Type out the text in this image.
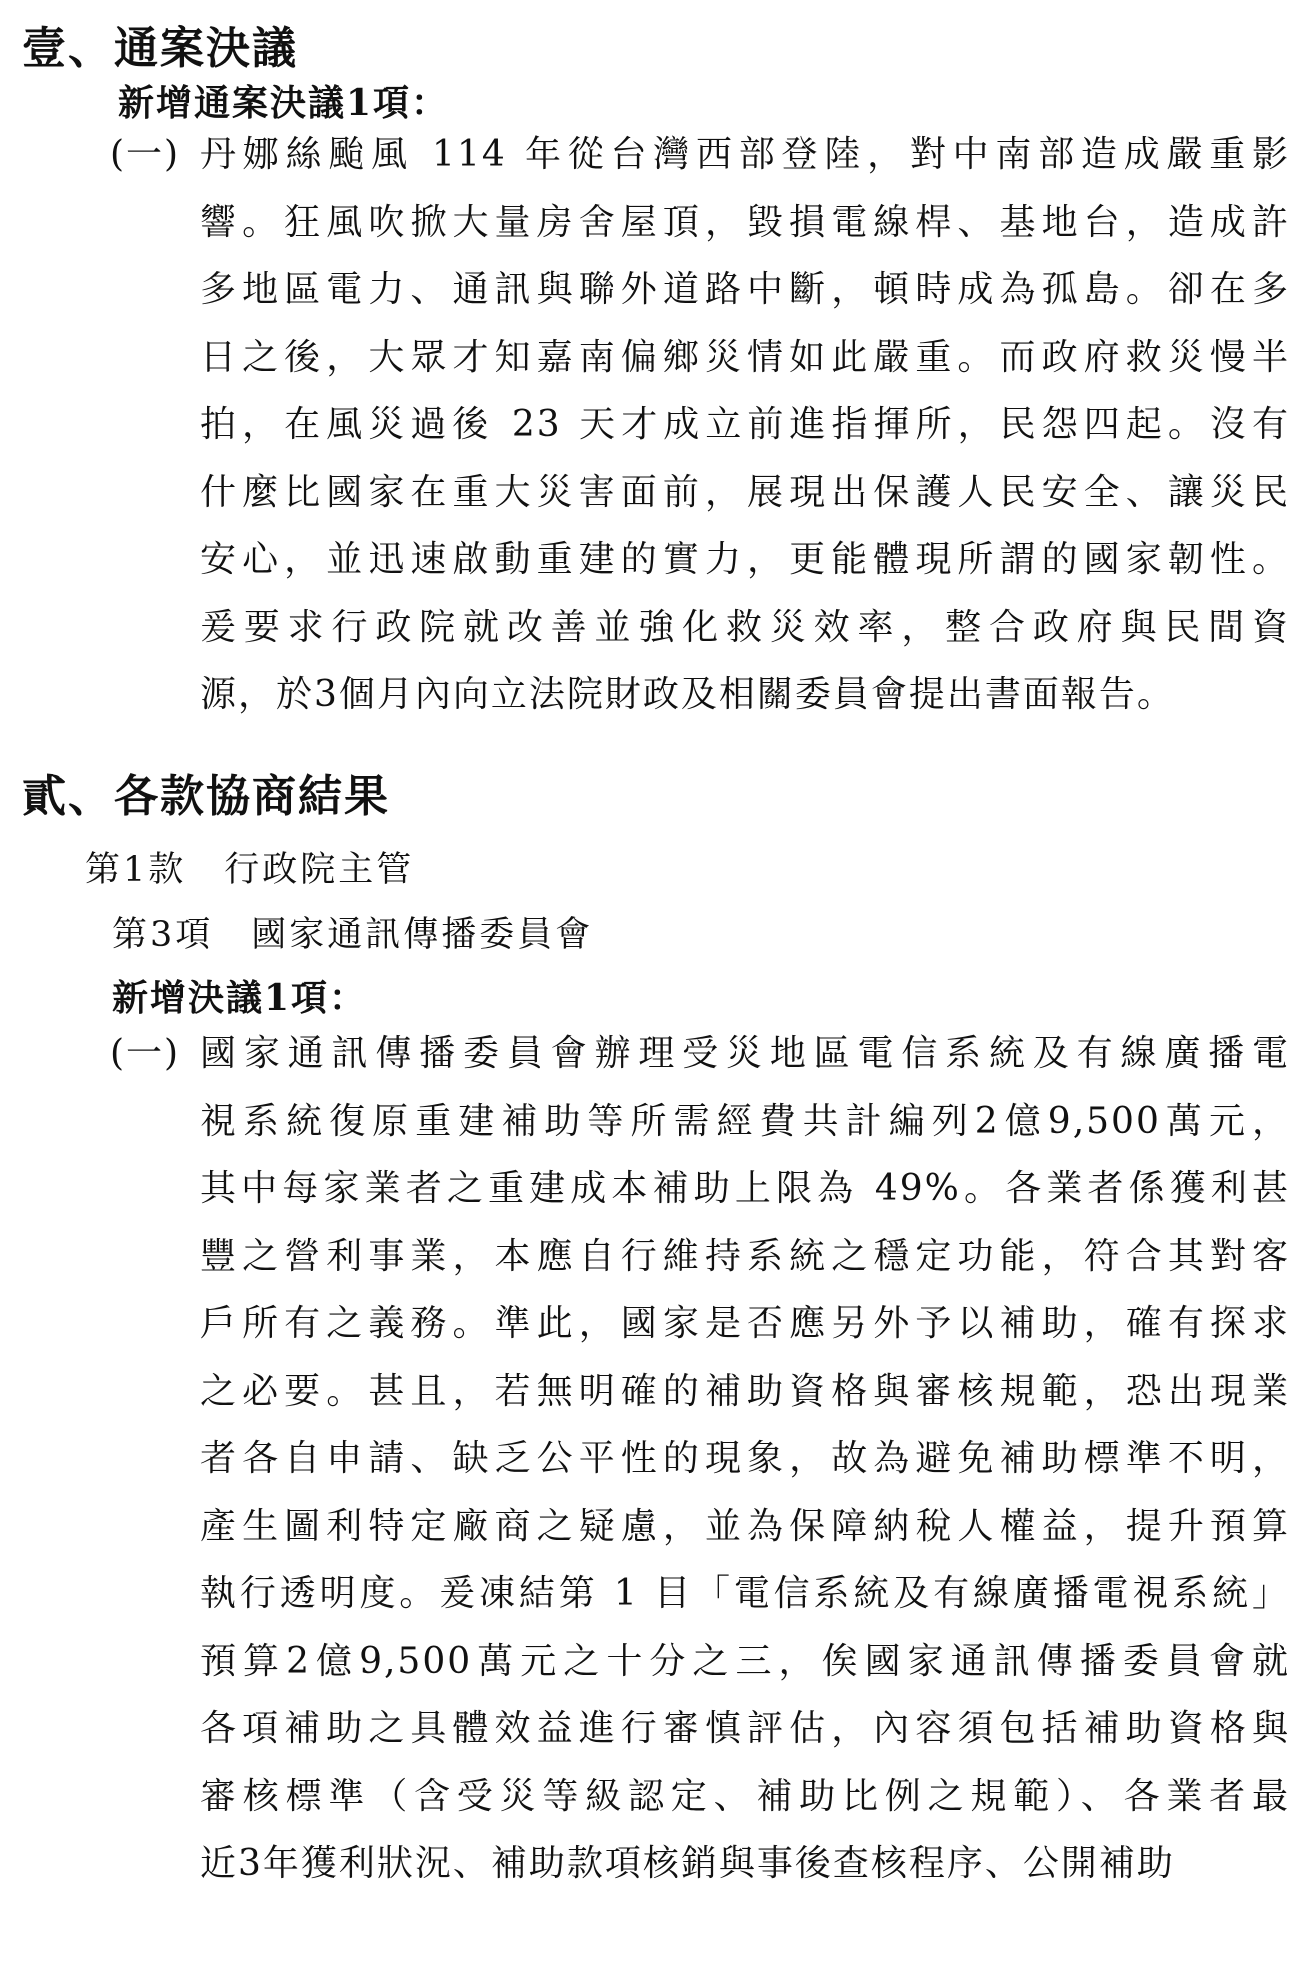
壹、通案決議
新增通案決議1項：
(一) 丹娜絲颱風 114 年從台灣西部登陸，對中南部造成嚴重影
響。狂風吹掀大量房舍屋頂，毀損電線桿、基地台，造成許
多地區電力、通訊與聯外道路中斷，頓時成為孤島。卻在多
日之後，大眾才知嘉南偏鄉災情如此嚴重。而政府救災慢半
拍，在風災過後 23 天才成立前進指揮所，民怨四起。沒有
什麼比國家在重大災害面前，展現出保護人民安全、讓災民
安心，並迅速啟動重建的實力，更能體現所謂的國家韌性。
爰要求行政院就改善並強化救災效率，整合政府與民間資
源，於3個月內向立法院財政及相關委員會提出書面報告。
貳、各款協商結果
第1款　行政院主管
第3項　國家通訊傳播委員會
新增決議1項：
(一) 國家通訊傳播委員會辦理受災地區電信系統及有線廣播電
視系統復原重建補助等所需經費共計編列2億9,500萬元，
其中每家業者之重建成本補助上限為 49%。各業者係獲利甚
豐之營利事業，本應自行維持系統之穩定功能，符合其對客
戶所有之義務。準此，國家是否應另外予以補助，確有探求
之必要。甚且，若無明確的補助資格與審核規範，恐出現業
者各自申請、缺乏公平性的現象，故為避免補助標準不明，
產生圖利特定廠商之疑慮，並為保障納稅人權益，提升預算
執行透明度。爰凍結第 1 目「電信系統及有線廣播電視系統」
預算2億9,500萬元之十分之三，俟國家通訊傳播委員會就
各項補助之具體效益進行審慎評估，內容須包括補助資格與
審核標準（含受災等級認定、補助比例之規範）、各業者最
近3年獲利狀況、補助款項核銷與事後查核程序、公開補助
